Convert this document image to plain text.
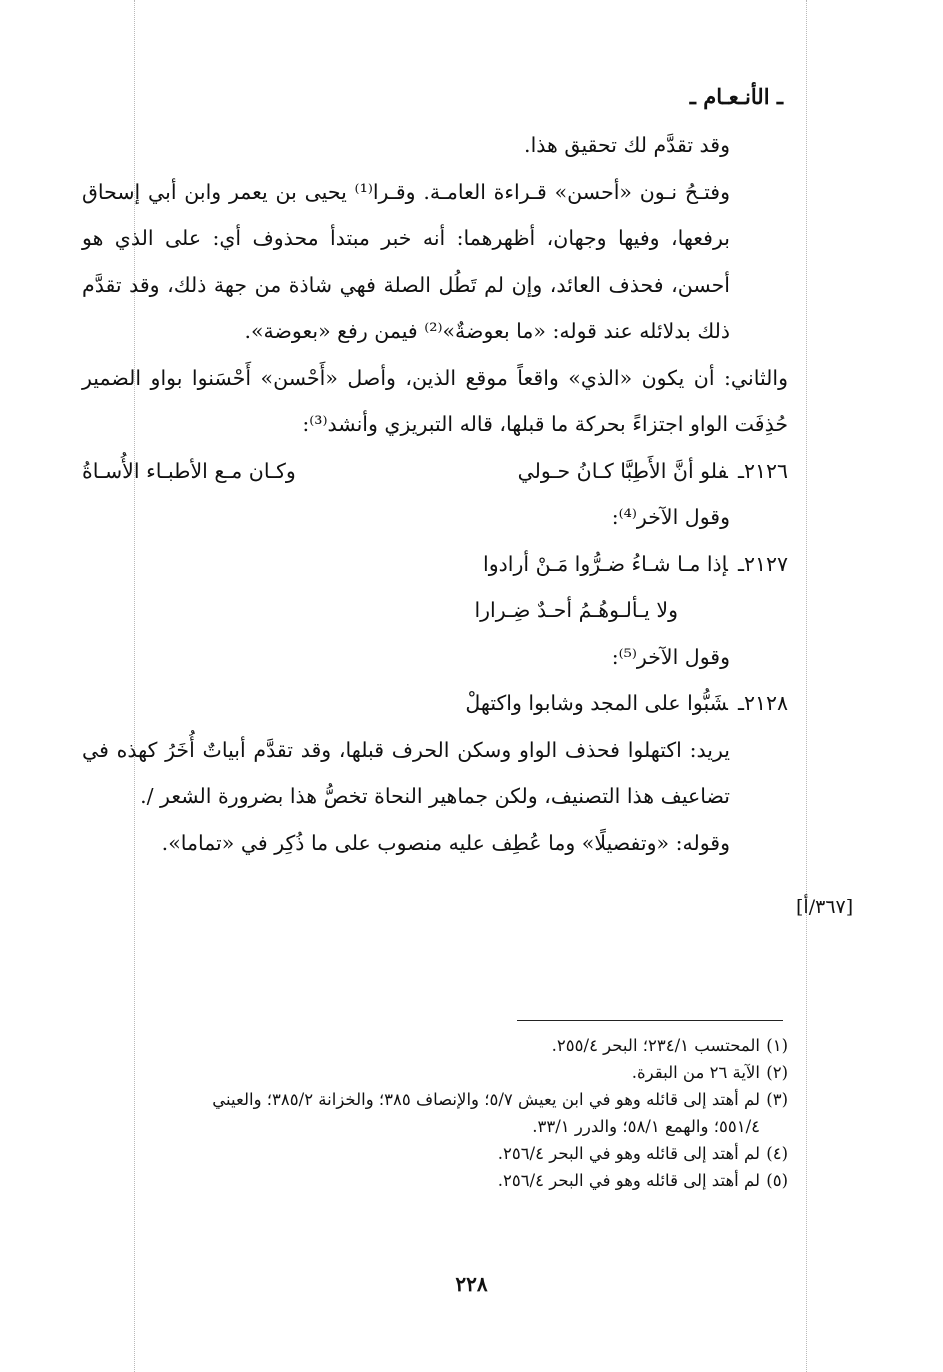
ـ الأنـعـام ـ

وقد تقدَّم لك تحقيق هذا.

وفتـحُ نـون «أحسن» قـراءة العامـة. وقـرا⁽¹⁾ يحيى بن يعمر وابن أبي إسحاق برفعها، وفيها وجهان، أظهرهما: أنه خبر مبتدأ محذوف أي: على الذي هو أحسن، فحذف العائد، وإن لم تَطُل الصلة فهي شاذة من جهة ذلك، وقد تقدَّم ذلك بدلائله عند قوله: «ما بعوضةٌ»⁽²⁾ فيمن رفع «بعوضة».

والثاني: أن يكون «الذي» واقعاً موقع الذين، وأصل «أَحْسن» أَحْسَنوا بواو الضمير حُذِفَت الواو اجتزاءً بحركة ما قبلها، قاله التبريزي وأنشد⁽³⁾:

٢١٢٦ـفلو أنَّ الأَطِبَّا كـانُ حـولي
وكـان مـع الأطبـاء الأُسـاةُ

وقول الآخر⁽⁴⁾:

٢١٢٧ـإذا مـا شـاءُ ضـرُّوا مَـنْ أرادوا
ولا يـألـوهُـمُ أحـدٌ ضِـرارا

وقول الآخر⁽⁵⁾:

٢١٢٨ـشَبُّوا على المجد وشابوا واكتهلْ

يريد: اكتهلوا فحذف الواو وسكن الحرف قبلها، وقد تقدَّم أبياتٌ أُخَرُ كهذه في تضاعيف هذا التصنيف، ولكن جماهير النحاة تخصُّ هذا بضرورة الشعر /.

وقوله: «وتفصيلًا» وما عُطِف عليه منصوب على ما ذُكِر في «تماما».

[٣٦٧/أ]
(١)
المحتسب ٢٣٤/١؛ البحر ٢٥٥/٤.
(٢)
الآية ٢٦ من البقرة.
(٣)
لم أهتد إلى قائله وهو في ابن يعيش ٥/٧؛ والإنصاف ٣٨٥؛ والخزانة ٣٨٥/٢؛ والعيني
٥٥١/٤؛ والهمع ٥٨/١؛ والدرر ٣٣/١.
(٤)
لم أهتد إلى قائله وهو في البحر ٢٥٦/٤.
(٥)
لم أهتد إلى قائله وهو في البحر ٢٥٦/٤.
٢٢٨
